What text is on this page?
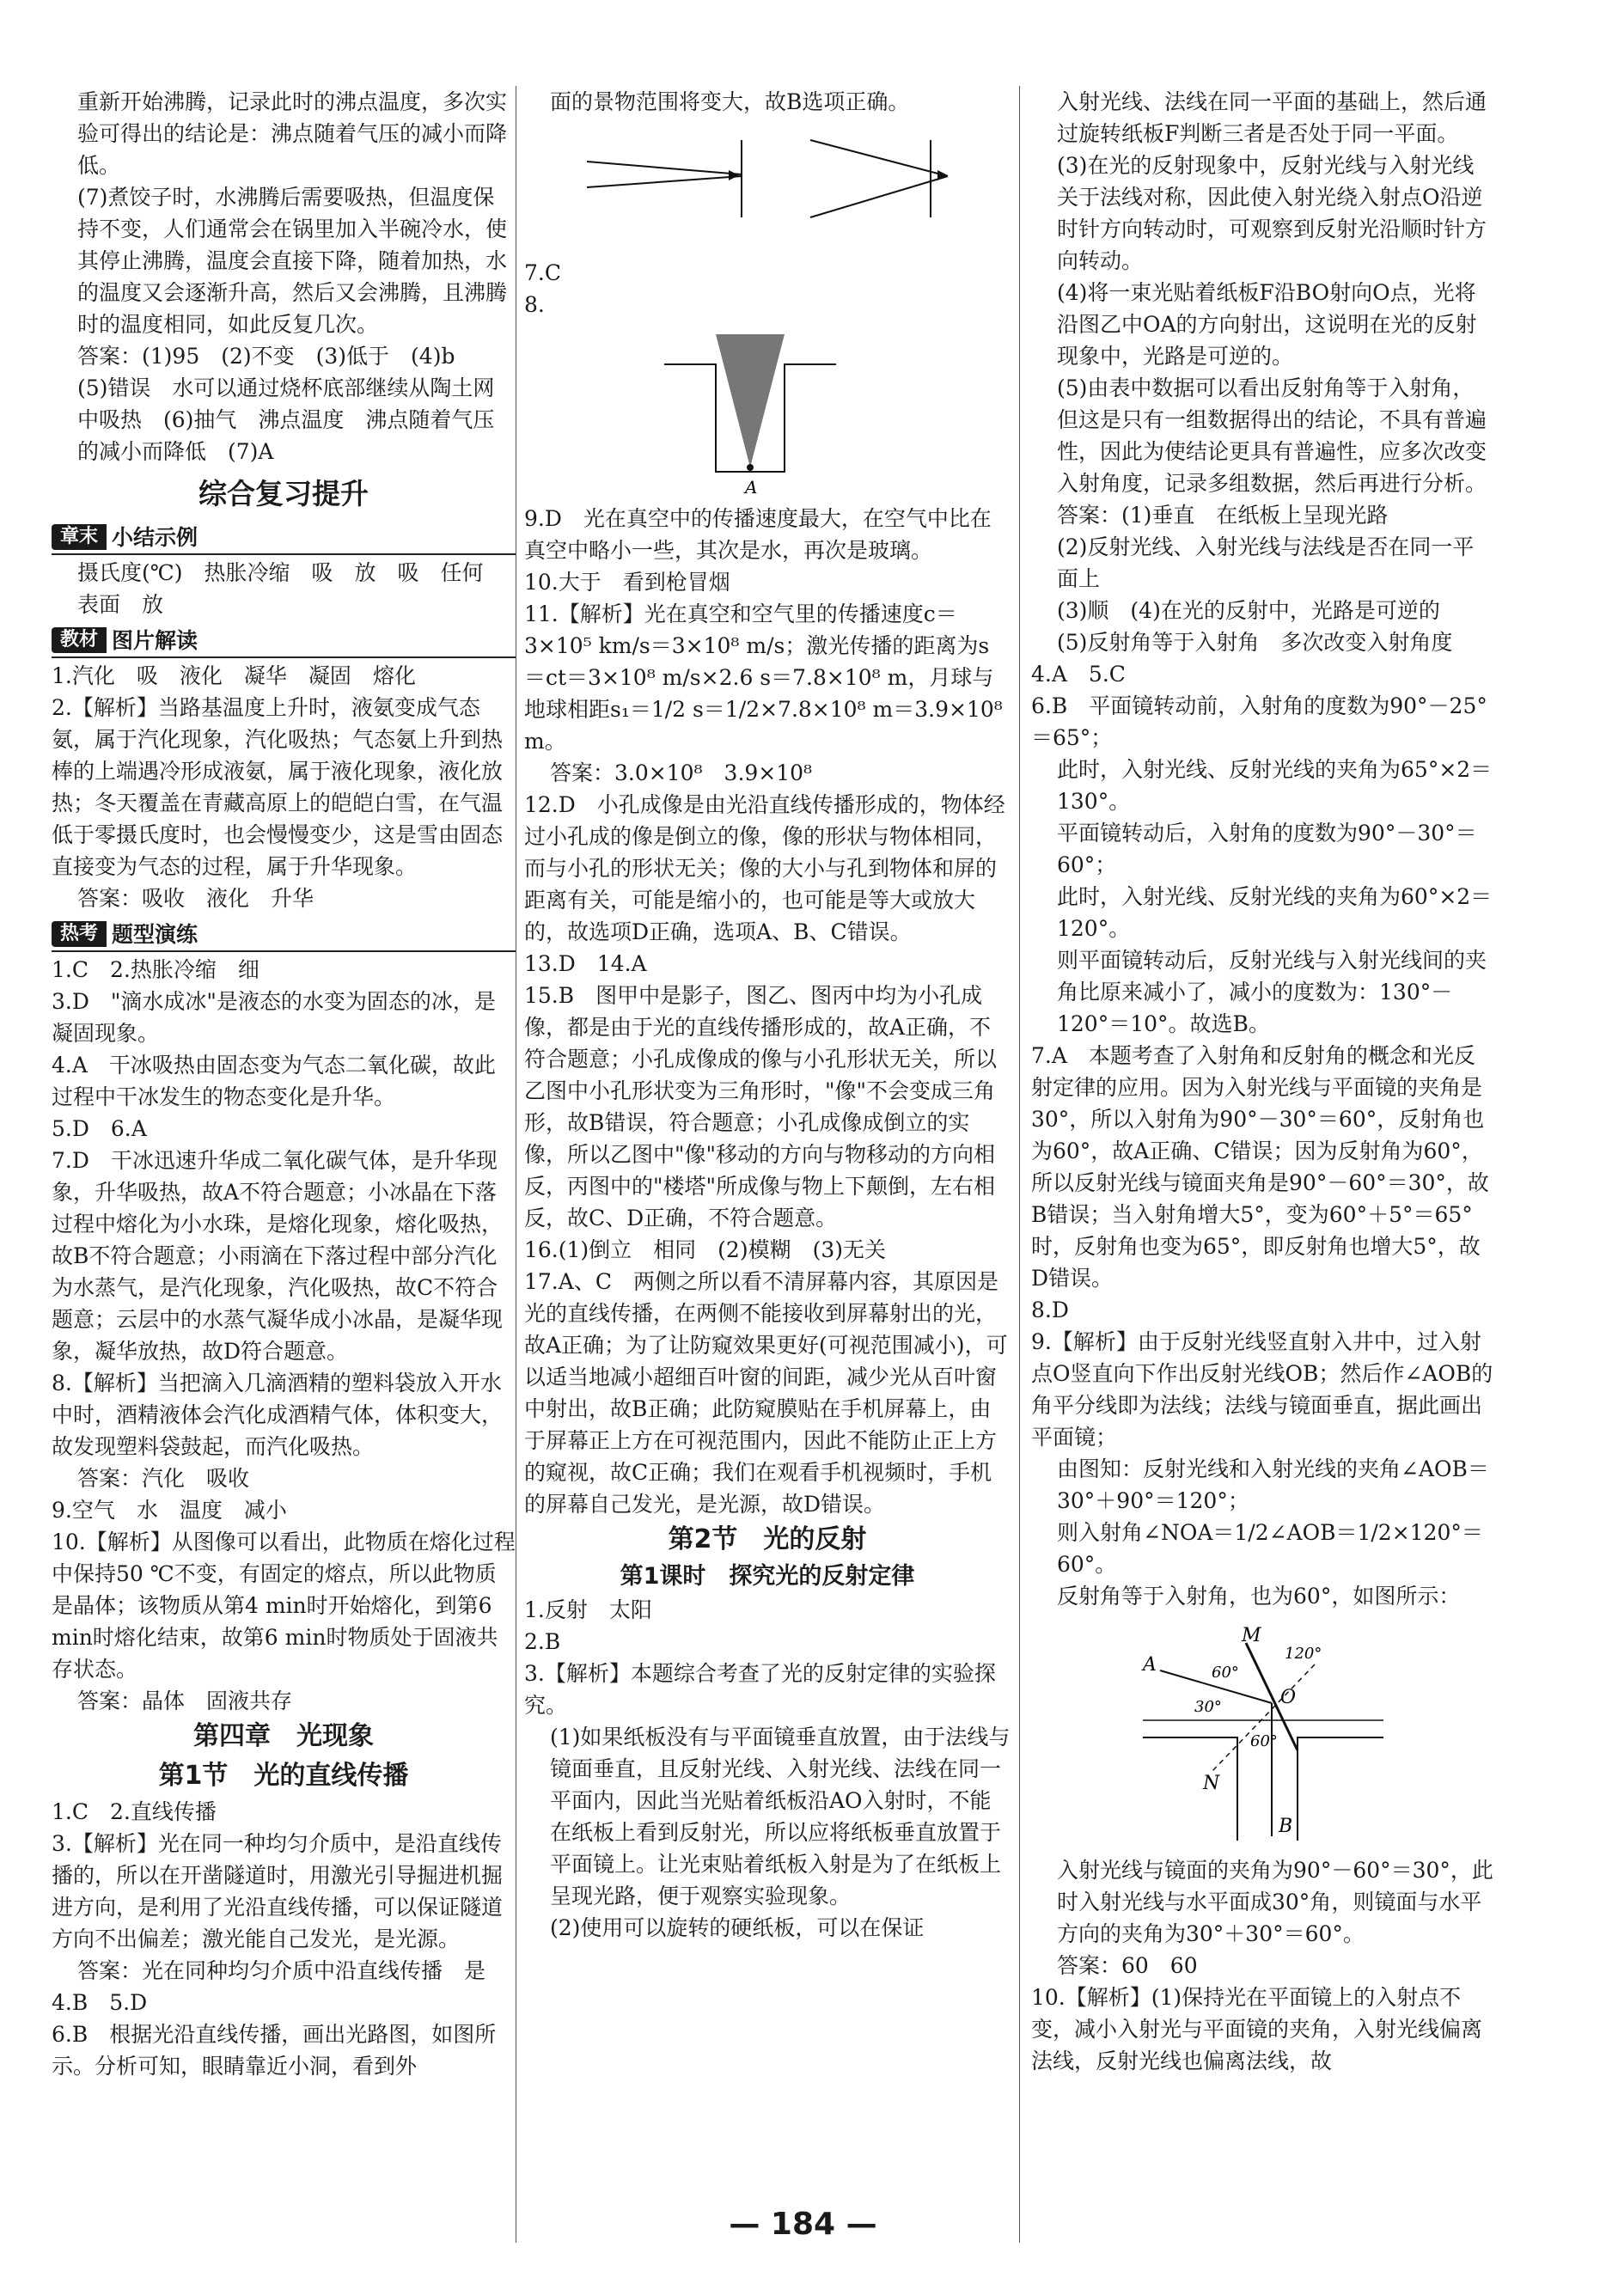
重新开始沸腾，记录此时的沸点温度，多次实验可得出的结论是：沸点随着气压的减小而降低。

(7)煮饺子时，水沸腾后需要吸热，但温度保持不变，人们通常会在锅里加入半碗冷水，使其停止沸腾，温度会直接下降，随着加热，水的温度又会逐渐升高，然后又会沸腾，且沸腾时的温度相同，如此反复几次。

答案：(1)95　(2)不变　(3)低于　(4)b

(5)错误　水可以通过烧杯底部继续从陶土网中吸热　(6)抽气　沸点温度　沸点随着气压的减小而降低　(7)A

综合复习提升
章末 小结示例

摄氏度(℃)　热胀冷缩　吸　放　吸　任何　表面　放

教材 图片解读

1.汽化　吸　液化　凝华　凝固　熔化

2.【解析】当路基温度上升时，液氨变成气态氨，属于汽化现象，汽化吸热；气态氨上升到热棒的上端遇冷形成液氨，属于液化现象，液化放热；冬天覆盖在青藏高原上的皑皑白雪，在气温低于零摄氏度时，也会慢慢变少，这是雪由固态直接变为气态的过程，属于升华现象。

答案：吸收　液化　升华

热考 题型演练

1.C　2.热胀冷缩　细

3.D　"滴水成冰"是液态的水变为固态的冰，是凝固现象。

4.A　干冰吸热由固态变为气态二氧化碳，故此过程中干冰发生的物态变化是升华。

5.D　6.A

7.D　干冰迅速升华成二氧化碳气体，是升华现象，升华吸热，故A不符合题意；小冰晶在下落过程中熔化为小水珠，是熔化现象，熔化吸热，故B不符合题意；小雨滴在下落过程中部分汽化为水蒸气，是汽化现象，汽化吸热，故C不符合题意；云层中的水蒸气凝华成小冰晶，是凝华现象，凝华放热，故D符合题意。

8.【解析】当把滴入几滴酒精的塑料袋放入开水中时，酒精液体会汽化成酒精气体，体积变大，故发现塑料袋鼓起，而汽化吸热。

答案：汽化　吸收

9.空气　水　温度　减小

10.【解析】从图像可以看出，此物质在熔化过程中保持50 ℃不变，有固定的熔点，所以此物质是晶体；该物质从第4 min时开始熔化，到第6 min时熔化结束，故第6 min时物质处于固液共存状态。

答案：晶体　固液共存

第四章　光现象
第1节　光的直线传播

1.C　2.直线传播

3.【解析】光在同一种均匀介质中，是沿直线传播的，所以在开凿隧道时，用激光引导掘进机掘进方向，是利用了光沿直线传播，可以保证隧道方向不出偏差；激光能自己发光，是光源。

答案：光在同种均匀介质中沿直线传播　是

4.B　5.D

6.B　根据光沿直线传播，画出光路图，如图所示。分析可知，眼睛靠近小洞，看到外

面的景物范围将变大，故B选项正确。

7.C

8.

A

9.D　光在真空中的传播速度最大，在空气中比在真空中略小一些，其次是水，再次是玻璃。

10.大于　看到枪冒烟

11.【解析】光在真空和空气里的传播速度c＝3×10⁵ km/s＝3×10⁸ m/s；激光传播的距离为s＝ct＝3×10⁸ m/s×2.6 s＝7.8×10⁸ m，月球与地球相距s₁＝1/2 s＝1/2×7.8×10⁸ m＝3.9×10⁸ m。

答案：3.0×10⁸　3.9×10⁸

12.D　小孔成像是由光沿直线传播形成的，物体经过小孔成的像是倒立的像，像的形状与物体相同，而与小孔的形状无关；像的大小与孔到物体和屏的距离有关，可能是缩小的，也可能是等大或放大的，故选项D正确，选项A、B、C错误。

13.D　14.A

15.B　图甲中是影子，图乙、图丙中均为小孔成像，都是由于光的直线传播形成的，故A正确，不符合题意；小孔成像成的像与小孔形状无关，所以乙图中小孔形状变为三角形时，"像"不会变成三角形，故B错误，符合题意；小孔成像成倒立的实像，所以乙图中"像"移动的方向与物移动的方向相反，丙图中的"楼塔"所成像与物上下颠倒，左右相反，故C、D正确，不符合题意。

16.(1)倒立　相同　(2)模糊　(3)无关

17.A、C　两侧之所以看不清屏幕内容，其原因是光的直线传播，在两侧不能接收到屏幕射出的光，故A正确；为了让防窥效果更好(可视范围减小)，可以适当地减小超细百叶窗的间距，减少光从百叶窗中射出，故B正确；此防窥膜贴在手机屏幕上，由于屏幕正上方在可视范围内，因此不能防止正上方的窥视，故C正确；我们在观看手机视频时，手机的屏幕自己发光，是光源，故D错误。

第2节　光的反射
第1课时　探究光的反射定律

1.反射　太阳

2.B

3.【解析】本题综合考查了光的反射定律的实验探究。

(1)如果纸板没有与平面镜垂直放置，由于法线与镜面垂直，且反射光线、入射光线、法线在同一平面内，因此当光贴着纸板沿AO入射时，不能在纸板上看到反射光，所以应将纸板垂直放置于平面镜上。让光束贴着纸板入射是为了在纸板上呈现光路，便于观察实验现象。

(2)使用可以旋转的硬纸板，可以在保证

入射光线、法线在同一平面的基础上，然后通过旋转纸板F判断三者是否处于同一平面。

(3)在光的反射现象中，反射光线与入射光线关于法线对称，因此使入射光绕入射点O沿逆时针方向转动时，可观察到反射光沿顺时针方向转动。

(4)将一束光贴着纸板F沿BO射向O点，光将沿图乙中OA的方向射出，这说明在光的反射现象中，光路是可逆的。

(5)由表中数据可以看出反射角等于入射角，但这是只有一组数据得出的结论，不具有普遍性，因此为使结论更具有普遍性，应多次改变入射角度，记录多组数据，然后再进行分析。

答案：(1)垂直　在纸板上呈现光路

(2)反射光线、入射光线与法线是否在同一平面上

(3)顺　(4)在光的反射中，光路是可逆的

(5)反射角等于入射角　多次改变入射角度

4.A　5.C

6.B　平面镜转动前，入射角的度数为90°－25°＝65°；

此时，入射光线、反射光线的夹角为65°×2＝130°。

平面镜转动后，入射角的度数为90°－30°＝60°；

此时，入射光线、反射光线的夹角为60°×2＝120°。

则平面镜转动后，反射光线与入射光线间的夹角比原来减小了，减小的度数为：130°－120°＝10°。故选B。

7.A　本题考查了入射角和反射角的概念和光反射定律的应用。因为入射光线与平面镜的夹角是30°，所以入射角为90°－30°＝60°，反射角也为60°，故A正确、C错误；因为反射角为60°，所以反射光线与镜面夹角是90°－60°＝30°，故B错误；当入射角增大5°，变为60°＋5°＝65°时，反射角也变为65°，即反射角也增大5°，故D错误。

8.D

9.【解析】由于反射光线竖直射入井中，过入射点O竖直向下作出反射光线OB；然后作∠AOB的角平分线即为法线；法线与镜面垂直，据此画出平面镜；

由图知：反射光线和入射光线的夹角∠AOB＝30°＋90°＝120°；

则入射角∠NOA＝1/2∠AOB＝1/2×120°＝60°。

反射角等于入射角，也为60°，如图所示：

A
M
O
N
B
60°
120°
30°
60°

入射光线与镜面的夹角为90°－60°＝30°，此时入射光线与水平面成30°角，则镜面与水平方向的夹角为30°＋30°＝60°。

答案：60　60

10.【解析】(1)保持光在平面镜上的入射点不变，减小入射光与平面镜的夹角，入射光线偏离法线，反射光线也偏离法线，故

— 184 —
